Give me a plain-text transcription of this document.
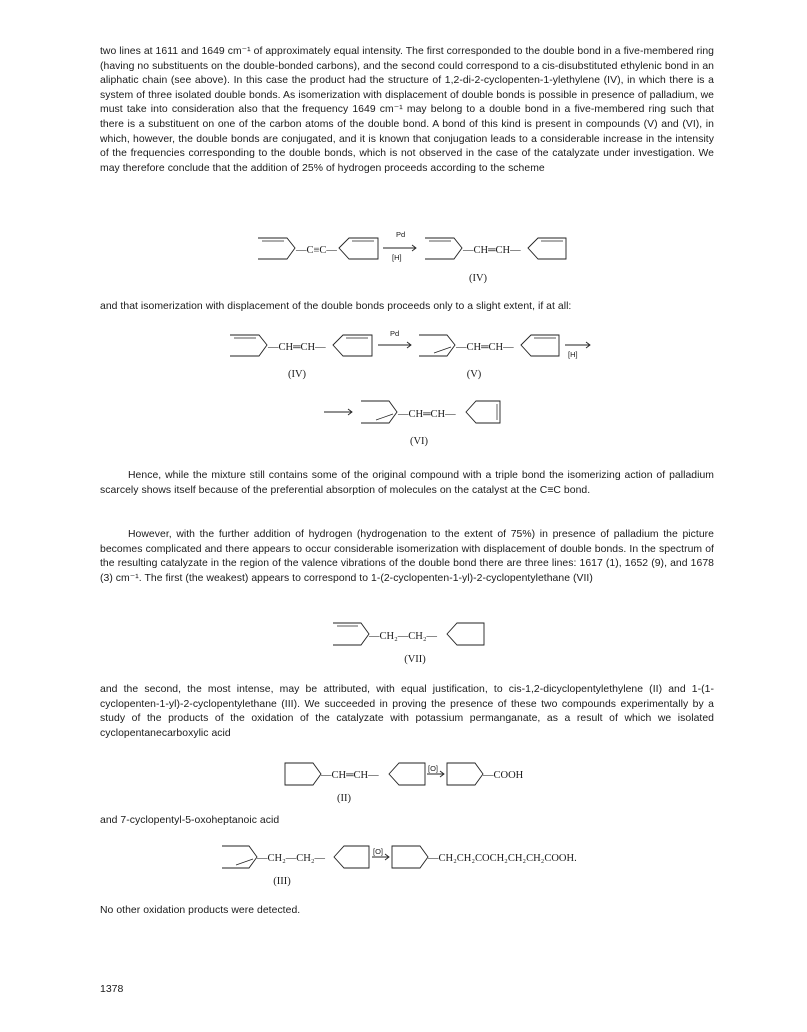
two lines at 1611 and 1649 cm⁻¹ of approximately equal intensity. The first corresponded to the double bond in a five-membered ring (having no substituents on the double-bonded carbons), and the second could correspond to a cis-disubstituted ethylenic bond in an aliphatic chain (see above). In this case the product had the structure of 1,2-di-2-cyclopenten-1-ylethylene (IV), in which there is a system of three isolated double bonds. As isomerization with displacement of double bonds is possible in presence of palladium, we must take into consideration also that the frequency 1649 cm⁻¹ may belong to a double bond in a five-membered ring such that there is a substituent on one of the carbon atoms of the double bond. A bond of this kind is present in compounds (V) and (VI), in which, however, the double bonds are conjugated, and it is known that conjugation leads to a considerable increase in the intensity of the frequencies corresponding to the double bonds, which is not observed in the case of the catalyzate under investigation. We may therefore conclude that the addition of 25% of hydrogen proceeds according to the scheme

—C≡C—
Pd
[H]
—CH═CH—
(IV)

and that isomerization with displacement of the double bonds proceeds only to a slight extent, if at all:

—CH═CH—
Pd
—CH═CH—
[H]
(IV)	(V)
—CH═CH—
(VI)

Hence, while the mixture still contains some of the original compound with a triple bond the isomerizing action of palladium scarcely shows itself because of the preferential absorption of molecules on the catalyst at the C≡C bond.

However, with the further addition of hydrogen (hydrogenation to the extent of 75%) in presence of palladium the picture becomes complicated and there appears to occur considerable isomerization with displacement of double bonds. In the spectrum of the resulting catalyzate in the region of the valence vibrations of the double bond there are three lines: 1617 (1), 1652 (9), and 1678 (3) cm⁻¹. The first (the weakest) appears to correspond to 1-(2-cyclopenten-1-yl)-2-cyclopentylethane (VII)

—CH₂—CH₂—
(VII)

and the second, the most intense, may be attributed, with equal justification, to cis-1,2-dicyclopentylethylene (II) and 1-(1-cyclopenten-1-yl)-2-cyclopentylethane (III). We succeeded in proving the presence of these two compounds experimentally by a study of the products of the oxidation of the catalyzate with potassium permanganate, as a result of which we isolated cyclopentanecarboxylic acid

—CH═CH—
[O]
—COOH
(II)

and 7-cyclopentyl-5-oxoheptanoic acid

—CH₂—CH₂—
[O]
—CH₂CH₂COCH₂CH₂CH₂COOH.
(III)

No other oxidation products were detected.

1378
